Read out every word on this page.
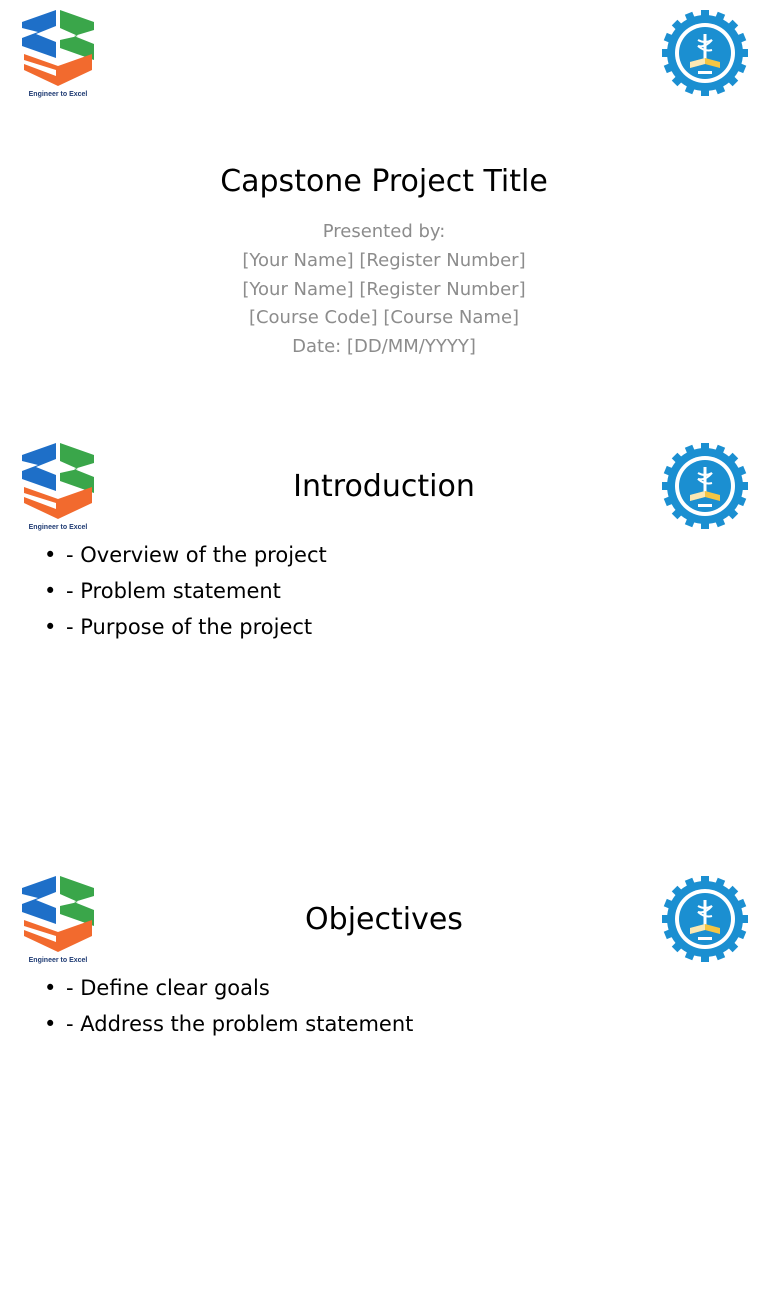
Engineer to Excel
Capstone Project Title
Presented by:
[Your Name] [Register Number]
[Your Name] [Register Number]
[Course Code] [Course Name]
Date: [DD/MM/YYYY]
Engineer to Excel
Introduction
• - Overview of the project
• - Problem statement
• - Purpose of the project
Engineer to Excel
Objectives
• - Define clear goals
• - Address the problem statement
